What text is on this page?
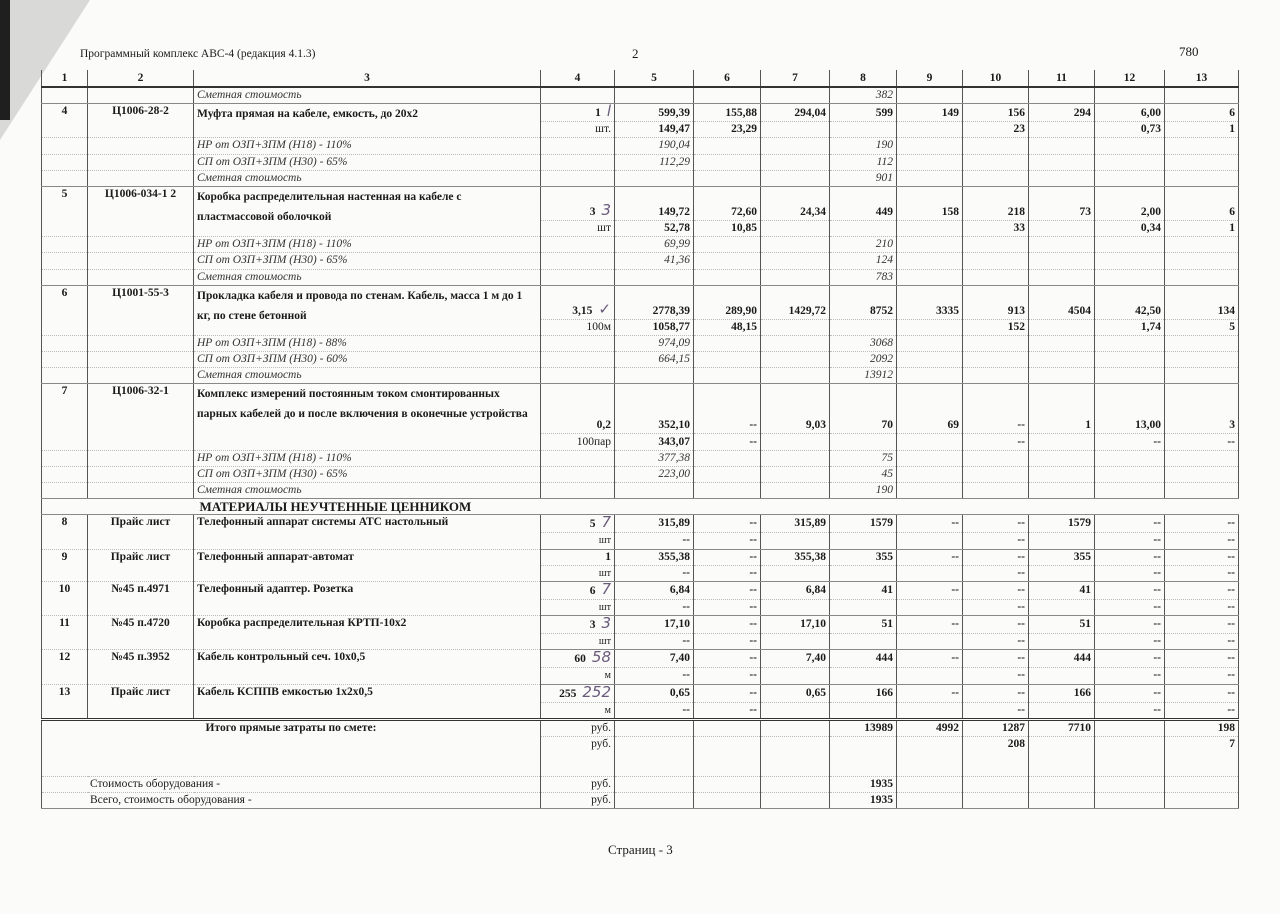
Программный комплекс АВС-4 (редакция 4.1.3)	2	780
1	2	3	4	5	6	7	8	9	10	11	12	13
		Сметная стоимость					382					
4	Ц1006-28-2	Муфта прямая на кабеле, емкость, до 20х2	1 l	599,39	155,88	294,04	599	149	156	294	6,00	6
			шт.	149,47	23,29				23		0,73	1
		НР от ОЗП+ЗПМ (Н18) - 110%		190,04			190					
		СП от ОЗП+ЗПМ (Н30) - 65%		112,29			112					
		Сметная стоимость					901					
5	Ц1006-034-1 2	Коробка распределительная настенная на кабеле с пластмассовой оболочкой	3 3	149,72	72,60	24,34	449	158	218	73	2,00	6
			шт	52,78	10,85				33		0,34	1
		НР от ОЗП+ЗПМ (Н18) - 110%		69,99			210					
		СП от ОЗП+ЗПМ (Н30) - 65%		41,36			124					
		Сметная стоимость					783					
6	Ц1001-55-3	Прокладка кабеля и провода по стенам. Кабель, масса 1 м до 1 кг, по стене бетонной	3,15 ✓	2778,39	289,90	1429,72	8752	3335	913	4504	42,50	134
			100м	1058,77	48,15				152		1,74	5
		НР от ОЗП+ЗПМ (Н18) - 88%		974,09			3068					
		СП от ОЗП+ЗПМ (Н30) - 60%		664,15			2092					
		Сметная стоимость					13912					
7	Ц1006-32-1	Комплекс измерений постоянным током смонтированных парных кабелей до и после включения в оконечные устройства	0,2	352,10	--	9,03	70	69	--	1	13,00	3
			100пар	343,07	--				--		--	--
		НР от ОЗП+ЗПМ (Н18) - 110%		377,38			75					
		СП от ОЗП+ЗПМ (Н30) - 65%		223,00			45					
		Сметная стоимость					190					
		МАТЕРИАЛЫ НЕУЧТЕННЫЕ ЦЕННИКОМ										
8	Прайс лист	Телефонный аппарат системы АТС настольный	5 7	315,89	--	315,89	1579	--	--	1579	--	--
			шт	--	--				--		--	--
9	Прайс лист	Телефонный аппарат-автомат	1	355,38	--	355,38	355	--	--	355	--	--
			шт	--	--				--		--	--
10	№45 п.4971	Телефонный адаптер. Розетка	6 7	6,84	--	6,84	41	--	--	41	--	--
			шт	--	--				--		--	--
11	№45 п.4720	Коробка распределительная КРТП-10х2	3 3	17,10	--	17,10	51	--	--	51	--	--
			шт	--	--				--		--	--
12	№45 п.3952	Кабель контрольный сеч. 10х0,5	60 58	7,40	--	7,40	444	--	--	444	--	--
			м	--	--				--		--	--
13	Прайс лист	Кабель КСППВ емкостью 1х2х0,5	255 252	0,65	--	0,65	166	--	--	166	--	--
			м	--	--				--		--	--
Итого прямые затраты по смете:			руб.				13989	4992	1287	7710		198
			руб.						208			7
Стоимость оборудования -			руб.				1935					
Всего, стоимость оборудования -			руб.				1935					
Страниц - 3
